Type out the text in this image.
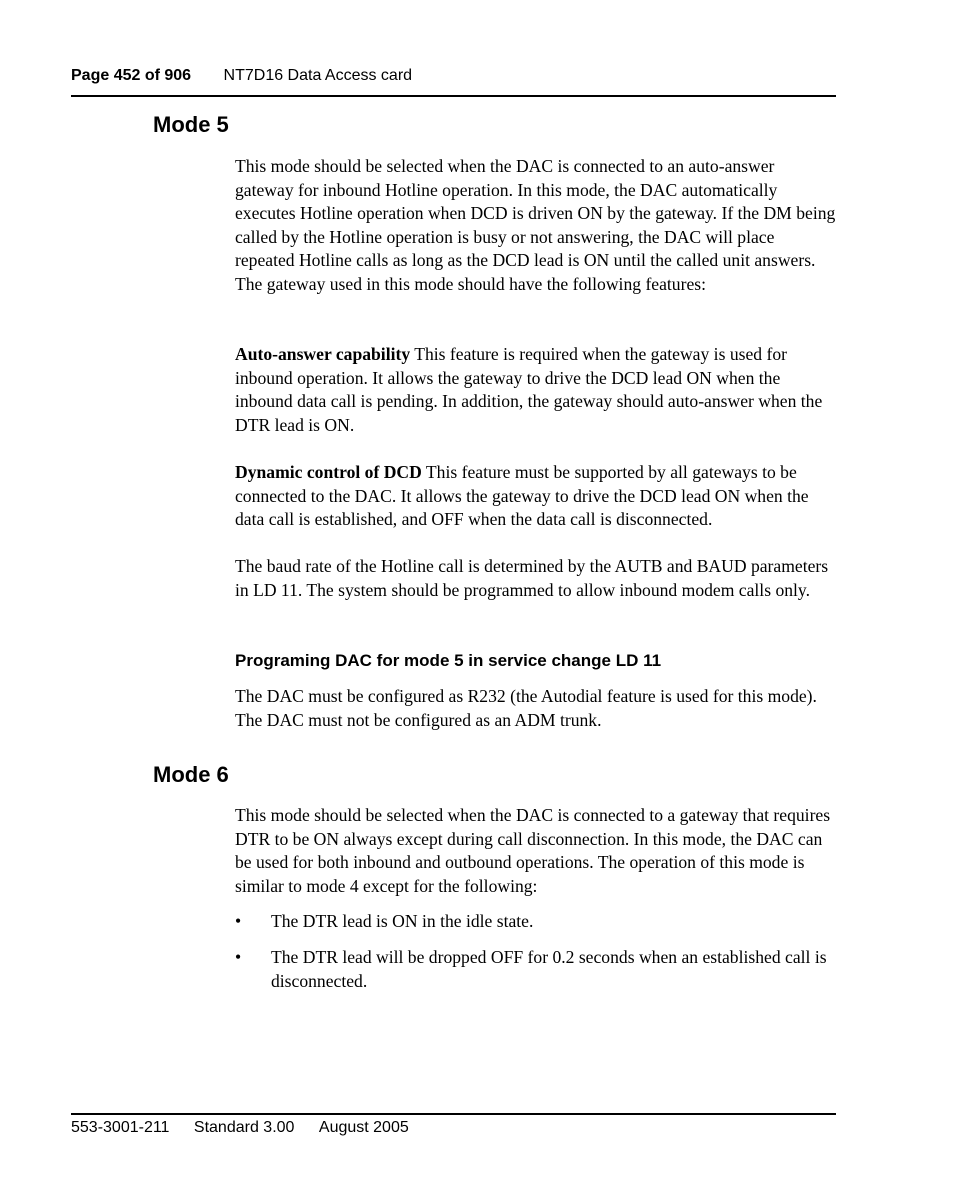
Page 452 of 906 NT7D16 Data Access card
Mode 5

This mode should be selected when the DAC is connected to an auto-answer gateway for inbound Hotline operation. In this mode, the DAC automatically executes Hotline operation when DCD is driven ON by the gateway. If the DM being called by the Hotline operation is busy or not answering, the DAC will place repeated Hotline calls as long as the DCD lead is ON until the called unit answers. The gateway used in this mode should have the following features:

Auto-answer capability This feature is required when the gateway is used for inbound operation. It allows the gateway to drive the DCD lead ON when the inbound data call is pending. In addition, the gateway should auto-answer when the DTR lead is ON.

Dynamic control of DCD This feature must be supported by all gateways to be connected to the DAC. It allows the gateway to drive the DCD lead ON when the data call is established, and OFF when the data call is disconnected.

The baud rate of the Hotline call is determined by the AUTB and BAUD parameters in LD 11. The system should be programmed to allow inbound modem calls only.

Programing DAC for mode 5 in service change LD 11

The DAC must be configured as R232 (the Autodial feature is used for this mode). The DAC must not be configured as an ADM trunk.

Mode 6

This mode should be selected when the DAC is connected to a gateway that requires DTR to be ON always except during call disconnection. In this mode, the DAC can be used for both inbound and outbound operations. The operation of this mode is similar to mode 4 except for the following:

• The DTR lead is ON in the idle state.
• The DTR lead will be dropped OFF for 0.2 seconds when an established call is disconnected.
553-3001-211 Standard 3.00 August 2005
